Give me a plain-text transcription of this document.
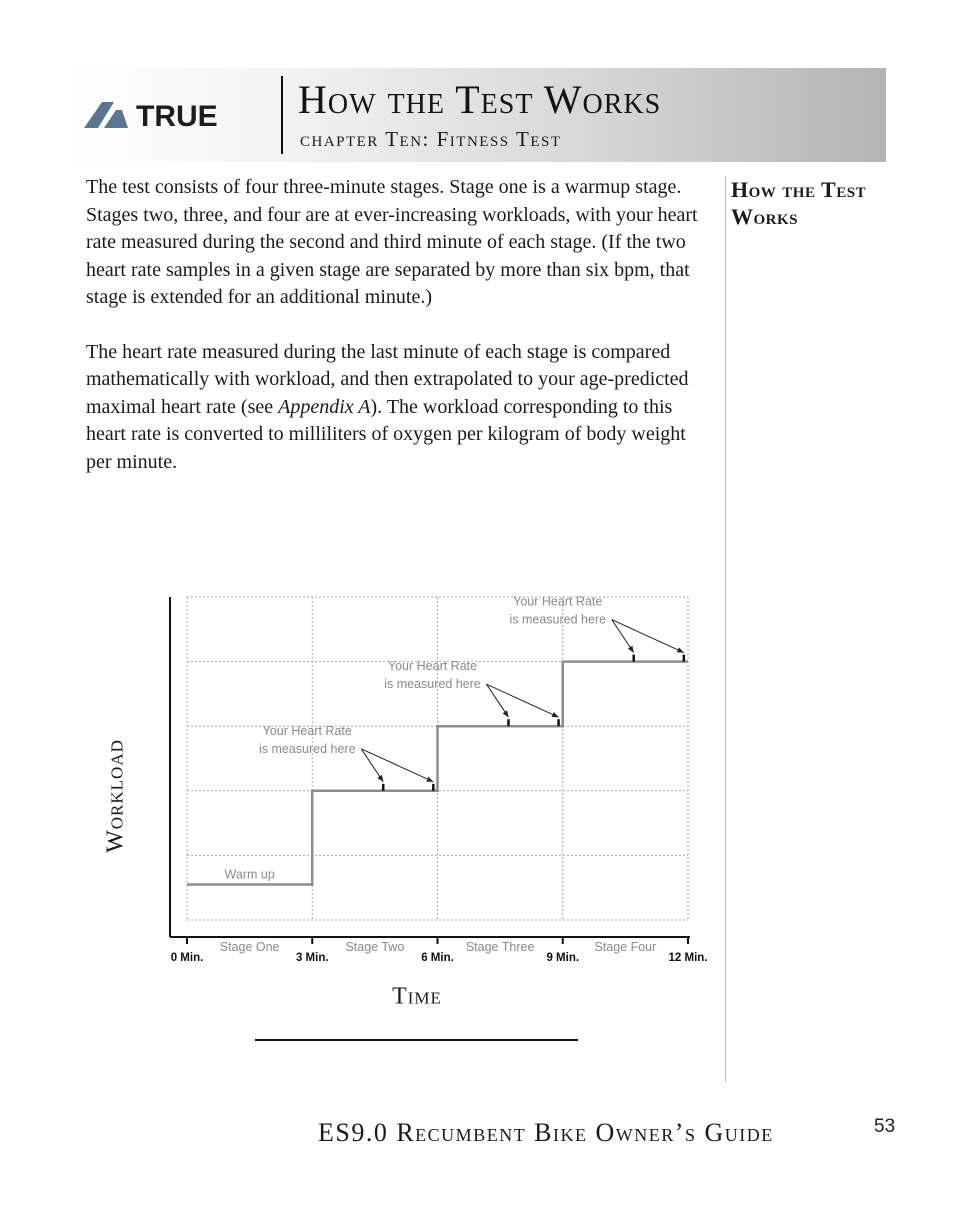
TRUE How the Test Works
chapter Ten: Fitness Test

The test consists of four three-minute stages. Stage one is a warmup stage. Stages two, three, and four are at ever-increasing workloads, with your heart rate measured during the second and third minute of each stage. (If the two heart rate samples in a given stage are separated by more than six bpm, that stage is extended for an additional minute.)

The heart rate measured during the last minute of each stage is compared mathematically with workload, and then extrapolated to your age-predicted maximal heart rate (see Appendix A). The workload corresponding to this heart rate is converted to milliliters of oxygen per kilogram of body weight per minute.

How the Test Works
0 Min.	3 Min.	6 Min.	9 Min.	12 Min.
Stage One	Stage Two	Stage Three	Stage Four
Warm up
Your Heart Rate
is measured here
Your Heart Rate
is measured here
Your Heart Rate
is measured here
Workload
Time
ES9.0 Recumbent Bike Owner’s Guide	53
